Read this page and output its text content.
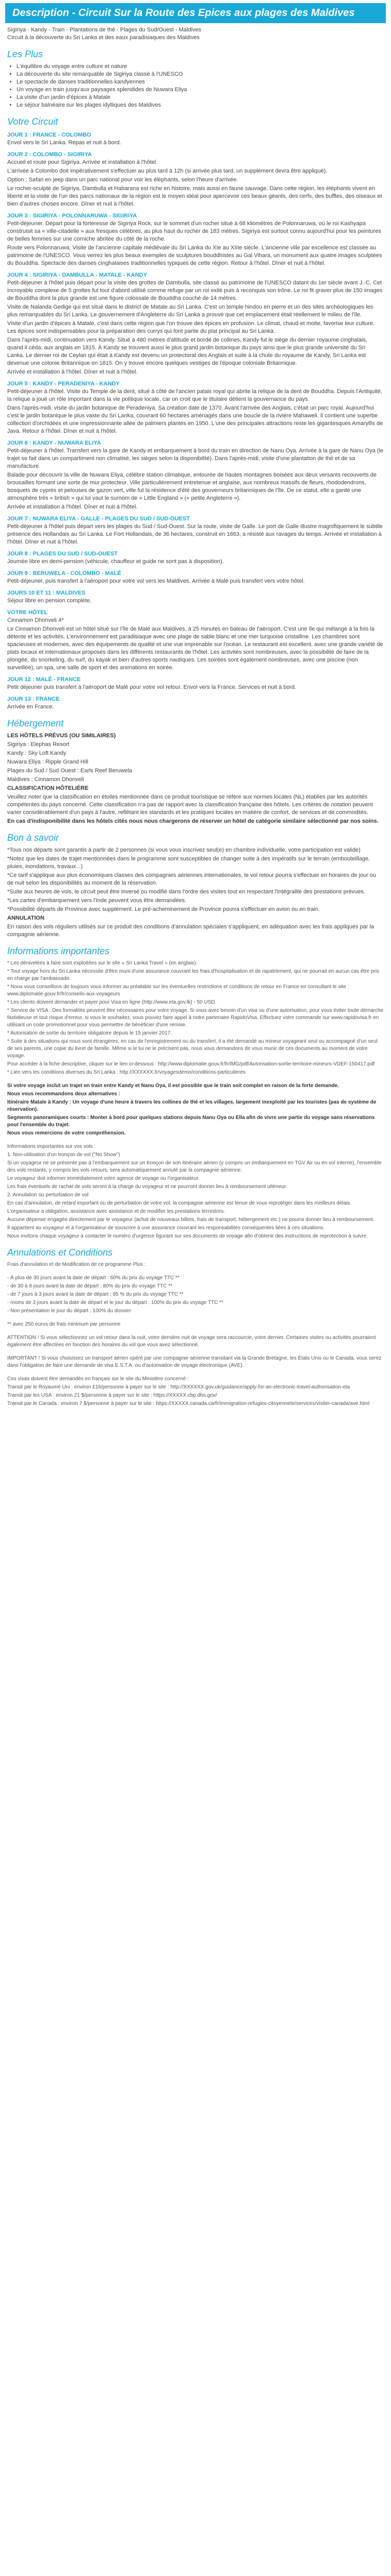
Description - Circuit Sur la Route des Epices aux plages des Maldives
Sigiriya - Kandy - Train - Plantations de thé - Plages du Sud/Ouest - Maldives
Circuit à la découverte du Sri Lanka et des eaux paradisiaques des Maldives
Les Plus
• L'équilibre du voyage entre culture et nature
• La découverte du site remarquable de Sigiriya classé à l'UNESCO
• Le spectacle de danses traditionnelles kandyennes
• Un voyage en train jusqu'aux paysages splendides de Nuwara Eliya
• La visite d'un jardin d'épices à Matale
• Le séjour balnéaire sur les plages idylliques des Maldives
Votre Circuit
JOUR 1 : FRANCE - COLOMBO

Envol vers le Sri Lanka. Repas et nuit à bord.

JOUR 2 : COLOMBO - SIGIRIYA

Accueil et route pour Sigiriya. Arrivée et installation à l'hôtel.

L'arrivée à Colombo doit impérativement s'effectuer au plus tard à 12h (si arrivée plus tard, un supplément devra être appliqué).

Option : Safari en jeep dans un parc national pour voir les éléphants, selon l'heure d'arrivée.

Le rocher-sculpté de Sigiriya, Dambulla et Habarana est riche en histoire, mais aussi en faune sauvage. Dans cette région, les éléphants vivent en liberté et la visite de l'un des parcs nationaux de la région est le moyen idéal pour apercevoir ces beaux géants, des cerfs, des buffles, des oiseaux et bien d'autres choses encore. Dîner et nuit à l'hôtel.

JOUR 3 : SIGIRIYA - POLONNARUWA - SIGIRIYA

Petit-déjeuner. Départ pour la forteresse de Sigiriya Rock, sur le sommet d'un rocher situé à 68 kilomètres de Polonnaruwa, où le roi Kashyapa construisit sa « ville-citadelle » aux fresques célèbres, au plus haut du rocher de 183 mètres. Sigiriya est surtout connu aujourd'hui pour les peintures de belles femmes sur une corniche abritée du côté de la roche.

Route vers Polonnaruwa. Visite de l'ancienne capitale médiévale du Sri Lanka du XIe au XIIIe siècle. L'ancienne ville par excellence est classée au patrimoine de l'UNESCO. Vous verrez les plus beaux exemples de sculptures bouddhistes au Gal Vihara, un monument aux quatre images sculptées du Bouddha. Spectacle des danses cinghalaises traditionnelles typiques de cette région. Retour à l'hôtel. Dîner et nuit à l'hôtel.

JOUR 4 : SIGIRIYA - DAMBULLA - MATALE - KANDY

Petit-déjeuner à l'hôtel puis départ pour la visite des grottes de Dambulla, site classé au patrimoine de l'UNESCO datant du 1er siècle avant J.-C. Cet incroyable complexe de 5 grottes fut tout d'abord utilisé comme refuge par un roi exilé puis à reconquis son trône. Le roi fit graver plus de 150 images de Bouddha dont la plus grande est une figure colossale de Bouddha couché de 14 mètres.

Visite de Nalanda Gedige qui est situé dans le district de Matale au Sri Lanka. C'est un temple hindou en pierre et un des sites archéologiques les plus remarquables du Sri Lanka. Le gouvernement d'Angleterre du Sri Lanka a prouvé que cet emplacement était réellement le milieu de l'île.

Visite d'un jardin d'épices à Matale, c'est dans cette région que l'on trouve des épices en profusion. Le climat, chaud et moite, favorise leur culture. Les épices sont indispensables pour la préparation des currys qui font partie du plat principal au Sri Lanka.

Dans l'après-midi, continuation vers Kandy. Situé à 480 mètres d'altitude et bordé de collines, Kandy fut le siège du dernier royaume cinghalais, quand il céda, aux anglais en 1815. À Kandy se trouvent aussi le plus grand jardin botanique du pays ainsi que le plus grande université du Sri Lanka. Le dernier roi de Ceylan qui était à Kandy est devenu un protectorat des Anglais et suite à la chute du royaume de Kandy, Sri Lanka est devenue une colonie Britannique en 1815. On y trouve encore quelques vestiges de l'époque coloniale Britannique.

Arrivée et installation à l'hôtel. Dîner et nuit à l'hôtel.

JOUR 5 : KANDY - PERADENIYA - KANDY

Petit-déjeuner à l'hôtel. Visite du Temple de la dent, situé à côté de l'ancien palais royal qui abrite la relique de la dent de Bouddha. Depuis l'Antiquité, la relique a joué un rôle important dans la vie politique locale, car on croit que le titulaire détient la gouvernance du pays.

Dans l'après-midi, visite du jardin botanique de Peradeniya. Sa création date de 1370. Avant l'arrivée des Anglais, c'était un parc royal. Aujourd'hui c'est le jardin botanique le plus vaste du Sri Lanka, couvrant 60 hectares aménagés dans une boucle de la rivière Mahaweli. Il contient une superbe collection d'orchidées et une impressionnante allée de palmiers plantés en 1950. L'une des principales attractions reste les gigantesques Amaryllis de Java. Retour à l'hôtel. Dîner et nuit à l'hôtel.

JOUR 6 : KANDY - NUWARA ELIYA

Petit-déjeuner à l'hôtel. Transfert vers la gare de Kandy et embarquement à bord du train en direction de Nanu Oya. Arrivée à la gare de Nanu Oya (le trajet se fait dans un compartiment non climatisé, les sièges selon la disponibilité). Dans l'après-midi, visite d'une plantation de thé et de sa manufacture.

Balade pour découvrir la ville de Nuwara Eliya, célèbre station climatique, entourée de hautes montagnes boisées aux deux versants recouverts de brousailles formant une sorte de mur protecteur. Ville particulièrement entretenue et anglaise, aux nombreux massifs de fleurs, rhododendrons, bosquets de cyprès et pelouses de gazon vert, ville fut la résidence d'été des gouverneurs britanniques de l'île. De ce statut, elle a gardé une atmosphère très « british » qui lui vaut le surnom de « Little England » (« petite Angleterre »).

Arrivée et installation à l'hôtel. Dîner et nuit à l'hôtel.

JOUR 7 : NUWARA ELIYA - GALLE - PLAGES DU SUD / SUD-OUEST

Petit-déjeuner à l'hôtel puis départ vers les plages du Sud / Sud-Ouest. Sur la route, visite de Galle. Le port de Galle illustre magnifiquement le subtile présence des Hollandais au Sri Lanka. Le Fort Hollandais, de 36 hectares, construit en 1663, a résisté aux ravages du temps. Arrivée et installation à l'hôtel. Dîner et nuit à l'hôtel.

JOUR 8 : PLAGES DU SUD / SUD-OUEST

Journée libre en demi-pension (véhicule, chauffeur et guide ne sont pas à disposition).

JOUR 9 : BERUWELA - COLOMBO - MALÉ

Petit-déjeuner, puis transfert à l'aéroport pour votre vol vers les Maldives. Arrivée à Malé puis transfert vers votre hôtel.

JOURS 10 ET 11 : MALDIVES

Séjour libre en pension complète.

VOTRE HÔTEL

Cinnamon Dhonveli 4*

Le Cinnamon Dhonveli est un hôtel situé sur l'île de Malé aux Maldives, à 25 minutes en bateau de l'aéroport. C'est une île qui mélange à la fois la détente et les activités. L'environnement est paradisiaque avec une plage de sable blanc et une mer turquoise cristalline. Les chambres sont spacieuses et modernes, avec des équipements de qualité et une vue imprenable sur l'océan. Le restaurant est excellent, avec une grande variété de plats locaux et internationaux proposés dans les différents restaurants de l'hôtel. Les activités sont nombreuses, avec la possibilité de faire de la plongée, du snorkeling, du surf, du kayak et bien d'autres sports nautiques. Les soirées sont également nombreuses, avec une piscine (non surveillée), un spa, une salle de sport et des animations en soirée.

JOUR 12 : MALÉ - FRANCE

Petit déjeuner puis transfert à l'aéroport de Malé pour votre vol retour. Envol vers la France. Services et nuit à bord.

JOUR 13 : FRANCE

Arrivée en France.

Hébergement

LES HÔTELS PRÉVUS (OU SIMILAIRES)

Sigiriya : Elephas Resort

Kandy : Sky Loft Kandy

Nuwara Eliya : Ripple Grand Hill

Plages du Sud / Sud Ouest : Earls Reef Beruwela

Maldives : Cinnamon Dhonveli

CLASSIFICATION HÔTELIÈRE

Veuillez noter que la classification en étoiles mentionnée dans ce produit touristique se réfère aux normes locales (NL) établies par les autorités compétentes du pays concerné. Cette classification n'a pas de rapport avec la classification française des hôtels. Les critères de notation peuvent varier considérablement d'un pays à l'autre, reflétant les standards et les pratiques locales en matière de confort, de services et de commodités.

En cas d'indisponibilité dans les hôtels cités nous nous chargerons de réserver un hôtel de catégorie similaire sélectionné par nos soins.

Bon à savoir

*Tous nos départs sont garantis à partir de 2 personnes (si vous vous inscrivez seul(e) en chambre individuelle, votre participation est valide)

*Notez que les dates de trajet mentionnées dans le programme sont susceptibles de changer suite à des impératifs sur le terrain (embouteillage, pluies, inondations, travaux...)

*Ce tarif s'applique aux plus économiques classes des compagnies aériennes internationales, le vol retour pourra s'effectuer en horaires de jour ou de nuit selon les disponibilités au moment de la réservation.

*Suite aux heures de vols, le circuit peut être inversé ou modifié dans l'ordre des visites tout en respectant l'intégralité des prestations prévues.

*Les cartes d'embarquement vers l'Inde peuvent vous être demandées.

*Possibilité départs de Province avec supplément. Le pré-acheminement de Province pourra s'effectuer en avion ou en train.

ANNULATION

En raison des vols réguliers utilisés sur ce produit des conditions d'annulation spéciales s'appliquent, en adéquation avec les frais appliqués par la compagnie aérienne.

Informations importantes

* Les dénivelées à faire sont exploitées sur le site « Sri Lanka Travel » (en anglais).

* Tout voyage hors du Sri Lanka nécessite d'être muni d'une assurance couvrant les frais d'hospitalisation et de rapatriement, qui ne pourrait en aucun cas être pris en charge par l'ambassade.

* Nous vous conseillons de toujours vous informer au préalable sur les éventuelles restrictions et conditions de retour en France en consultant le site : www.diplomatie.gouv.fr/fr/conseils-aux-voyageurs

* Les clients doivent demander et payer pour Visa en ligne (http://www.eta.gov.lk) - 50 USD.

* Service de VISA : Des formalités peuvent être nécessaires pour votre voyage. Si vous avez besoin d'un visa ou d'une autorisation, pour vous éviter toute démarche fastidieuse et tout risque d'erreur, si vous le souhaitez, vous pouvez faire appel à notre partenaire RapidoVisa. Effectuez votre commande sur www.rapidovisa.fr en utilisant un code promotionnel pour vous permettre de bénéficier d'une remise.

* Autorisation de sortie du territoire obligatoire depuis le 15 janvier 2017.

* Suite à des situations qui nous sont étrangères, en cas de l'enregistrement ou du transfert, il a été demandé au mineur voyageant seul ou accompagné d'un seul de ses parents, une copie du livret de famille. Même si le lui ne le précisent pas, nous vous demandons de vous munir de ces documents au moment de votre voyage.

Pour accéder à la fiche descriptive, cliquer sur le lien ci-dessous : http://www.diplomatie.gouv.fr/fr/IMG/pdf/Autorisation-sortie-territoire-mineurs-VDEF-150417.pdf

* Lien vers les conditions diverses du Sri Lanka : http://XXXXXX.fr/voyagesdemo/conditions-particulieres

Si votre voyage inclut un trajet en train entre Kandy et Nanu Oya, il est possible que le train soit complet en raison de la forte demande.

Nous vous recommandons deux alternatives :

Itinéraire Matale à Kandy : Un voyage d'une heure à travers les collines de thé et les villages, largement inexploité par les touristes (pas de système de réservation).

Segments panoramiques courts : Monter à bord pour quelques stations depuis Nanu Oya ou Ella afin de vivre une partie du voyage sans réservations pour l'ensemble du trajet.

Nous vous remercions de votre compréhension.

Informations importantes sur vos vols :

1. Non-utilisation d'un tronçon de vol ("No Show")

Si un voyageur ne se présente pas à l'embarquement sur un tronçon de son itinéraire aérien (y compris un embarquement en TGV Air ou en vol interne), l'ensemble des vols restants, y compris les vols retours, sera automatiquement annulé par la compagnie aérienne.

Le voyageur doit informer immédiatement votre agence de voyage ou l'organisateur.

Les frais éventuels de rachat de vols seront à la charge du voyageur et ne pourront donner lieu à remboursement ultérieur.

2. Annulation ou perturbation de vol

En cas d'annulation, de retard important ou de perturbation de votre vol, la compagnie aérienne est tenue de vous reprotéger dans les meilleurs délais.

L'organisateur a obligation, assistance avec assistance et de modifier les prestations terrestres.

Aucune dépense engagée directement par le voyageur (achat de nouveaux billets, frais de transport, hébergement etc.) ne pourra donner lieu à remboursement.

Il appartient au voyageur et à l'organisateur de souscrire à une assurance couvrant les responsabilités conséquentes liées à ces situations.

Nous invitons chaque voyageur à contacter le numéro d'urgence figurant sur ses documents de voyage afin d'obtenir des instructions de reprotection à suivre.

Annulations et Conditions

Frais d'annulation et de Modification de ce programme Plus :

- À plus de 30 jours avant la date de départ : 60% du prix du voyage TTC **

- de 30 à 8 jours avant la date de départ : 80% du prix du voyage TTC **

- de 7 jours à 3 jours avant la date de départ : 95 % du prix du voyage TTC **

- moins de 3 jours avant la date de départ et le jour du départ : 100% du prix du voyage TTC **

- Non présentation le jour du départ : 100% du dossier

** avec 250 euros de frais minimum par personne

ATTENTION ! Si vous sélectionnez un vol retour dans la nuit, votre dernière nuit de voyage sera raccourcie, votre dernier. Certaines visites ou activités pourraient également être affectées en fonction des horaires du vol que vous avez sélectionné.

IMPORTANT ! Si vous choisissez un transport aérien opéré par une compagnie aérienne transitant via la Grande Bretagne, les États Unis ou le Canada, vous serez dans l'obligation de faire une demande de visa E.S.T.A. ou d'autorisation de voyage électronique (AVE).

Ces visas doivent être demandés en français sur le site du Ministère concerné :

Transit par le Royaume Uni : environ £16/personne à payer sur le site : http://XXXXXX.gov.uk/guidance/apply-for-an-electronic-travel-authorisation-eta

Transit par les USA : environ 21 $/personne à payer sur le site : https://XXXXX.cbp.dhs.gov/

Transit par le Canada : environ 7 $/personne à payer sur le site : https://XXXXX.canada.ca/fr/immigration-refugies-citoyennete/services/visiter-canada/ave.html
